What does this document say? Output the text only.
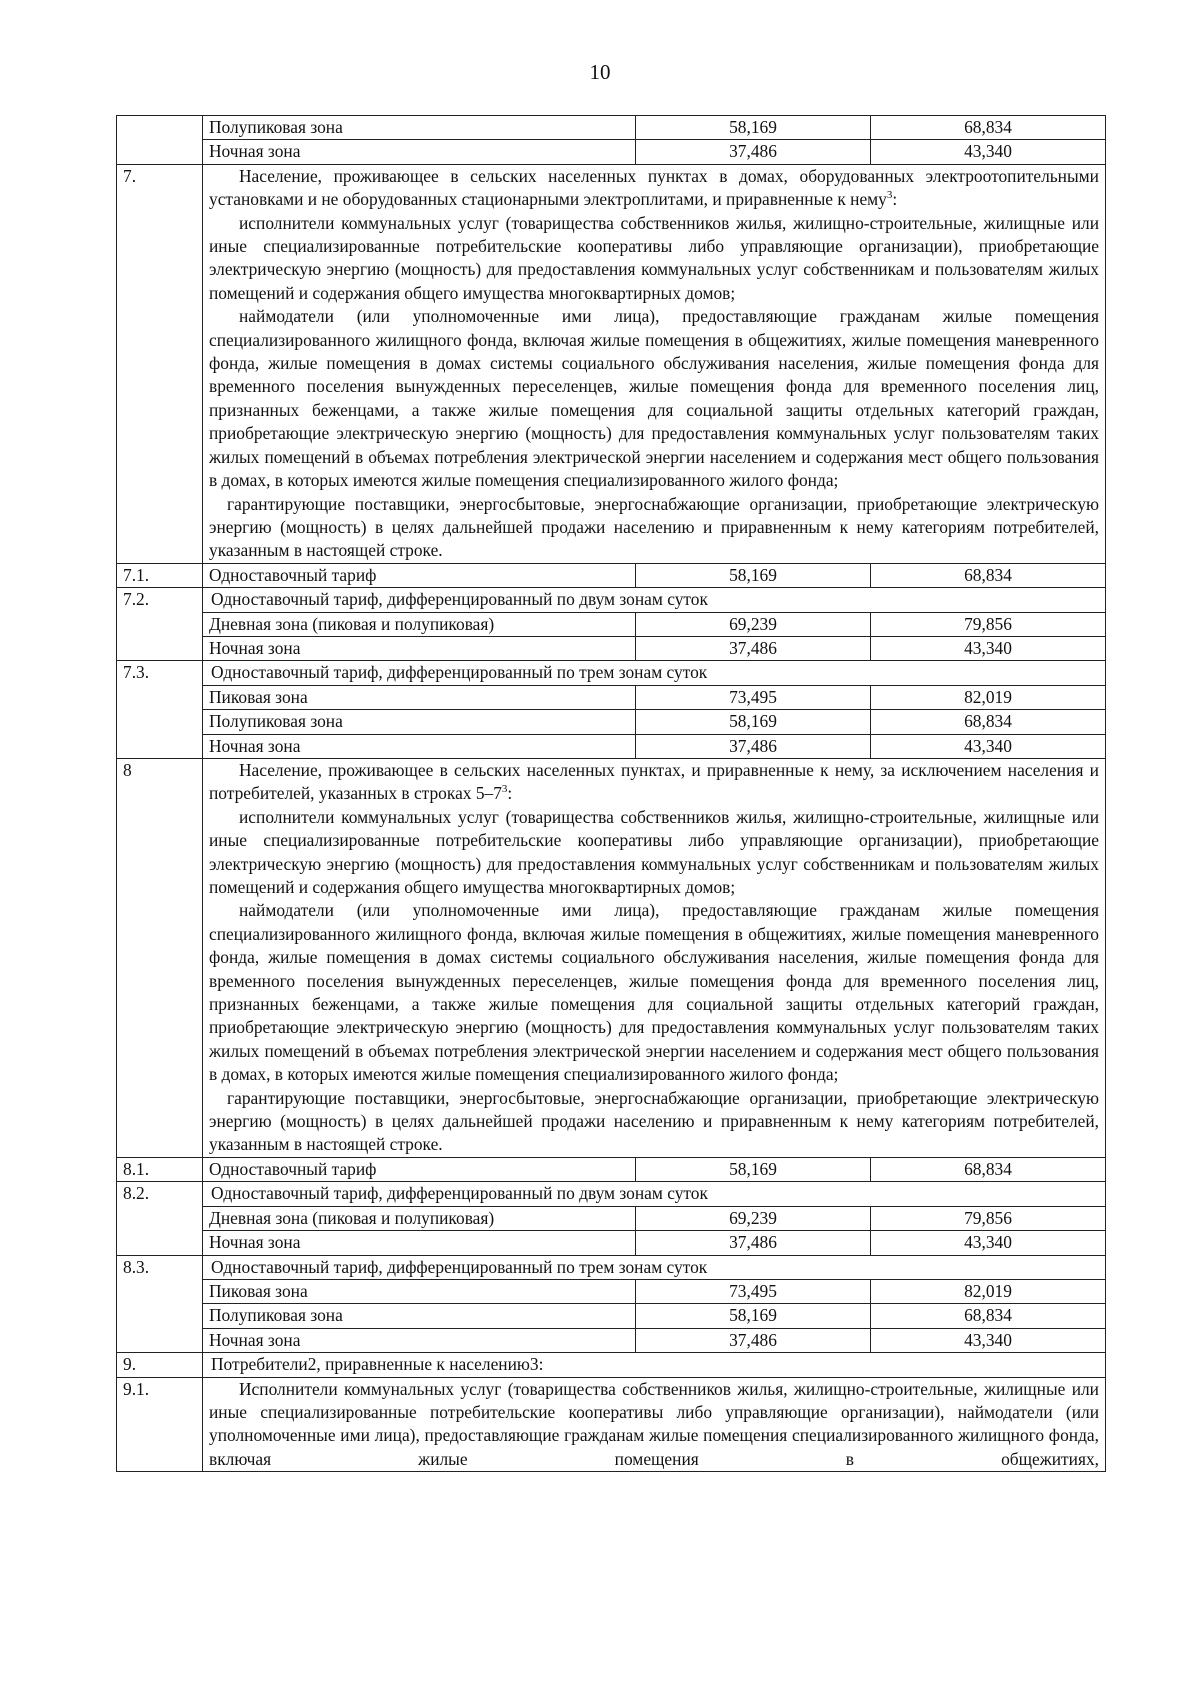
10
	Полупиковая зона	58,169	68,834
	Ночная зона	37,486	43,340
7.	Население, проживающее в сельских населенных пунктах в домах, оборудованных электроотопительными установками и не оборудованных стационарными электроплитами, и приравненные к нему$^3$:

исполнители коммунальных услуг (товарищества собственников жилья, жилищно-строительные, жилищные или иные специализированные потребительские кооперативы либо управляющие организации), приобретающие электрическую энергию (мощность) для предоставления коммунальных услуг собственникам и пользователям жилых помещений и содержания общего имущества многоквартирных домов;

наймодатели (или уполномоченные ими лица), предоставляющие гражданам жилые помещения специализированного жилищного фонда, включая жилые помещения в общежитиях, жилые помещения маневренного фонда, жилые помещения в домах системы социального обслуживания населения, жилые помещения фонда для временного поселения вынужденных переселенцев, жилые помещения фонда для временного поселения лиц, признанных беженцами, а также жилые помещения для социальной защиты отдельных категорий граждан, приобретающие электрическую энергию (мощность) для предоставления коммунальных услуг пользователям таких жилых помещений в объемах потребления электрической энергии населением и содержания мест общего пользования в домах, в которых имеются жилые помещения специализированного жилого фонда;

гарантирующие поставщики, энергосбытовые, энергоснабжающие организации, приобретающие электрическую энергию (мощность) в целях дальнейшей продажи населению и приравненным к нему категориям потребителей, указанным в настоящей строке.		

7.1.	Одноставочный тариф	58,169	68,834
7.2.	Одноставочный тариф, дифференцированный по двум зонам суток		
	Дневная зона (пиковая и полупиковая)	69,239	79,856
	Ночная зона	37,486	43,340
7.3.	Одноставочный тариф, дифференцированный по трем зонам суток		
	Пиковая зона	73,495	82,019
	Полупиковая зона	58,169	68,834
	Ночная зона	37,486	43,340
8	Население, проживающее в сельских населенных пунктах, и приравненные к нему, за исключением населения и потребителей, указанных в строках $5-7^3$:

исполнители коммунальных услуг (товарищества собственников жилья, жилищно-строительные, жилищные или иные специализированные потребительские кооперативы либо управляющие организации), приобретающие электрическую энергию (мощность) для предоставления коммунальных услуг собственникам и пользователям жилых помещений и содержания общего имущества многоквартирных домов;

наймодатели (или уполномоченные ими лица), предоставляющие гражданам жилые помещения специализированного жилищного фонда, включая жилые помещения в общежитиях, жилые помещения маневренного фонда, жилые помещения в домах системы социального обслуживания населения, жилые помещения фонда для временного поселения вынужденных переселенцев, жилые помещения фонда для временного поселения лиц, признанных беженцами, а также жилые помещения для социальной защиты отдельных категорий граждан, приобретающие электрическую энергию (мощность) для предоставления коммунальных услуг пользователям таких жилых помещений в объемах потребления электрической энергии населением и содержания мест общего пользования в домах, в которых имеются жилые помещения специализированного жилого фонда;

гарантирующие поставщики, энергосбытовые, энергоснабжающие организации, приобретающие электрическую энергию (мощность) в целях дальнейшей продажи населению и приравненным к нему категориям потребителей, указанным в настоящей строке.		

8.1.	Одноставочный тариф	58,169	68,834
8.2.	Одноставочный тариф, дифференцированный по двум зонам суток		
	Дневная зона (пиковая и полупиковая)	69,239	79,856
	Ночная зона	37,486	43,340
8.3.	Одноставочный тариф, дифференцированный по трем зонам суток		
	Пиковая зона	73,495	82,019
	Полупиковая зона	58,169	68,834
	Ночная зона	37,486	43,340
9.	Потребители2, приравненные к населению3:		
9.1.	Исполнители коммунальных услуг (товарищества собственников жилья, жилищно-строительные, жилищные или иные специализированные потребительские кооперативы либо управляющие организации), наймодатели (или уполномоченные ими лица), предоставляющие гражданам жилые помещения специализированного жилищного фонда, включая жилые помещения в общежитиях,		
